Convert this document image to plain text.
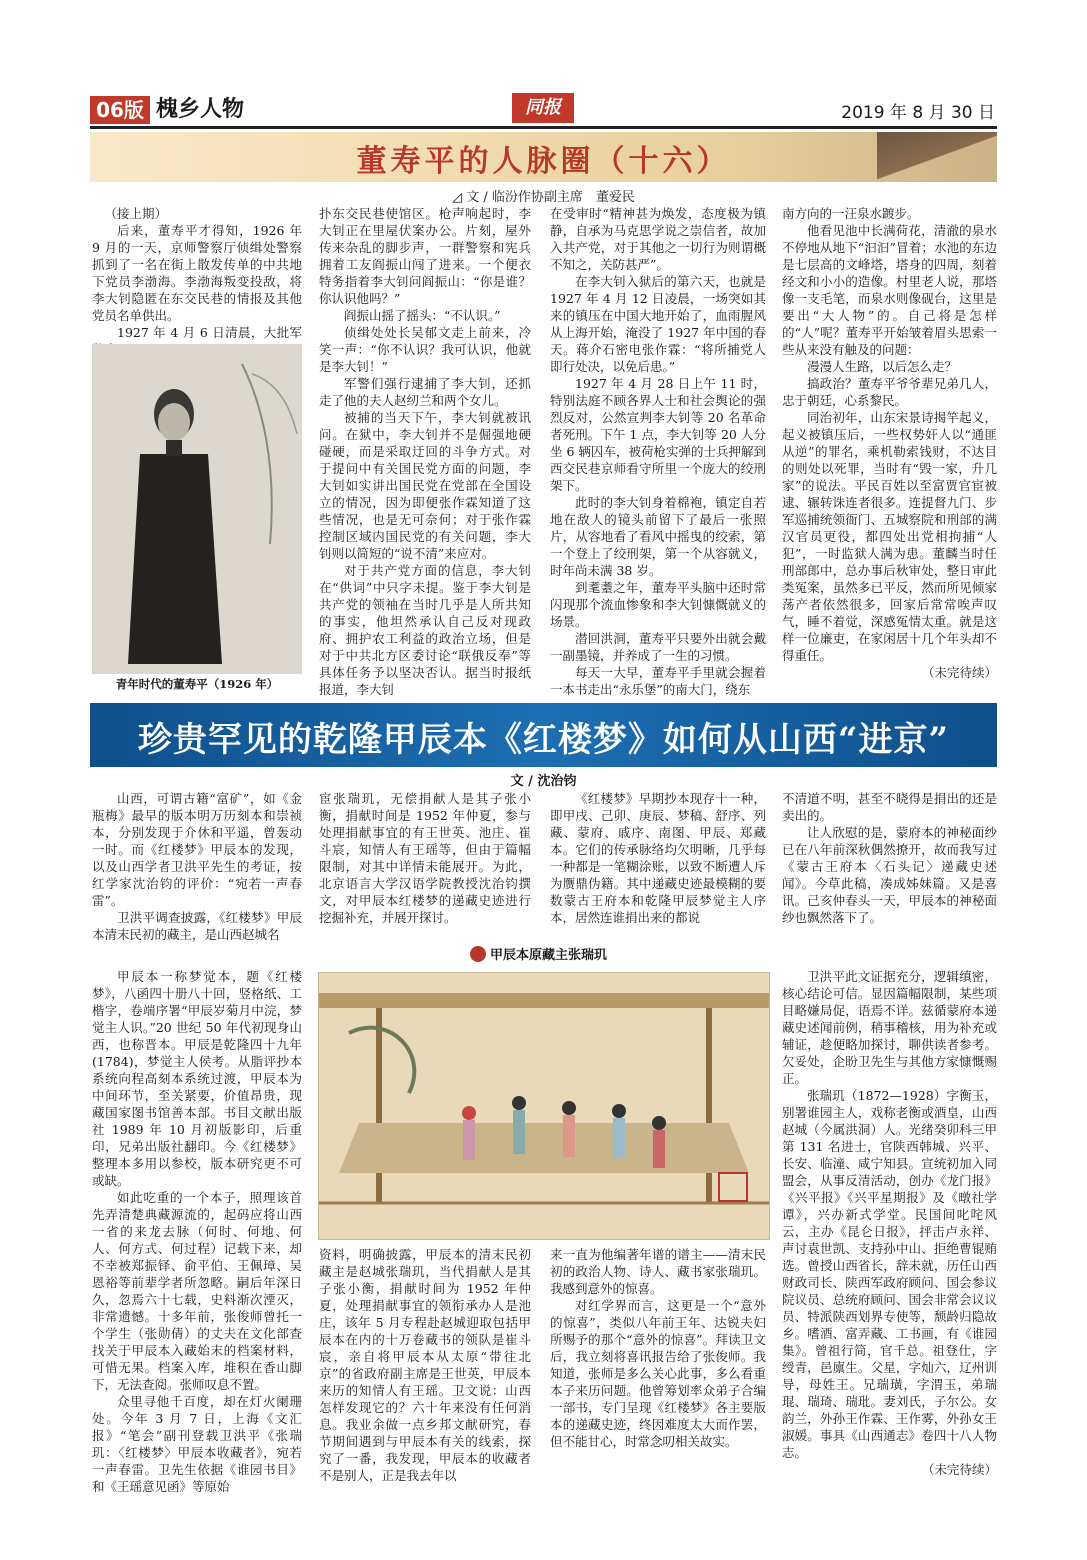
06版 槐乡人物	同报	2019 年 8 月 30 日
董寿平的人脉圈（十六）
◿ 文 / 临汾作协副主席　董爱民

（接上期）

后来，董寿平才得知，1926 年 9 月的一天，京师警察厅侦缉处警察抓到了一名在街上散发传单的中共地下党员李渤海。李渤海叛变投敌，将李大钊隐匿在东交民巷的情报及其他党员名单供出。

1927 年 4 月 6 日清晨，大批军

青年时代的董寿平（1926 年）

扑东交民巷使馆区。枪声响起时，李大钊正在里屋伏案办公。片刻，屋外传来杂乱的脚步声，一群警察和宪兵拥着工友阎振山闯了进来。一个便衣特务指着李大钊问阎振山：“你是谁？你认识他吗？”

阎振山摇了摇头：“不认识。”

侦缉处处长吴郁文走上前来，冷笑一声：“你不认识？我可认识，他就是李大钊！”

军警们强行逮捕了李大钊，还抓走了他的夫人赵纫兰和两个女儿。

被捕的当天下午，李大钊就被讯问。在狱中，李大钊并不是倔强地硬碰硬，而是采取迂回的斗争方式。对于提问中有关国民党方面的问题，李大钊如实讲出国民党在党部在全国设立的情况，因为即便张作霖知道了这些情况，也是无可奈何；对于张作霖控制区域内国民党的有关问题，李大钊则以简短的“说不清”来应对。

对于共产党方面的信息，李大钊在“供词”中只字未提。鉴于李大钊是共产党的领袖在当时几乎是人所共知的事实，他坦然承认自己反对现政府、拥护农工利益的政治立场，但是对于中共北方区委讨论“联俄反奉”等具体任务予以坚决否认。据当时报纸报道，李大钊

在受审时“精神甚为焕发，态度极为镇静，自承为马克思学说之崇信者，故加入共产党，对于其他之一切行为则谓概不知之，关防甚严”。

在李大钊入狱后的第六天，也就是 1927 年 4 月 12 日凌晨，一场突如其来的镇压在中国大地开始了，血雨腥风从上海开始，淹没了 1927 年中国的春天。蒋介石密电张作霖：“将所捕党人即行处决，以免后患。”

1927 年 4 月 28 日上午 11 时，特别法庭不顾各界人士和社会舆论的强烈反对，公然宣判李大钊等 20 名革命者死刑。下午 1 点，李大钊等 20 人分坐 6 辆囚车，被荷枪实弹的士兵押解到西交民巷京师看守所里一个庞大的绞刑架下。

此时的李大钊身着棉袍，镇定自若地在敌人的镜头前留下了最后一张照片，从容地看了看风中摇曳的绞索，第一个登上了绞刑架，第一个从容就义，时年尚未满 38 岁。

到耄耋之年，董寿平头脑中还时常闪现那个流血惨象和李大钊慷慨就义的场景。

潜回洪洞，董寿平只要外出就会戴一副墨镜，并养成了一生的习惯。

每天一大早，董寿平手里就会握着一本书走出“永乐堡”的南大门，绕东

南方向的一汪泉水踱步。

他看见池中长满荷花，清澈的泉水不停地从地下“汩汩”冒着；水池的东边是七层高的文峰塔，塔身的四周，刻着经文和小小的造像。村里老人说，那塔像一支毛笔，而泉水则像砚台，这里是要出“大人物”的。自己将是怎样的“人”呢？董寿平开始皱着眉头思索一些从来没有触及的问题：

漫漫人生路，以后怎么走？

搞政治？董寿平爷爷辈兄弟几人，忠于朝廷，心系黎民。

同治初年，山东宋景诗揭竿起义，起义被镇压后，一些权势奸人以“通匪从逆”的罪名，乘机勒索钱财，不达目的则处以死罪，当时有“毁一家，升几家”的说法。平民百姓以至富贾官宦被逮、辗转诛连者很多。连提督九门、步军巡捕统领衙门、五城察院和刑部的满汉官员更役，都四处出党相拘捕“人犯”，一时监狱人满为患。董麟当时任刑部郎中，总办事后秋审处，整日审此类冤案，虽然多已平反，然而所见倾家荡产者依然很多，回家后常常唉声叹气，睡不着觉，深感冤情太重。就是这样一位廉吏，在家闲居十几个年头却不得重任。

（未完待续）

珍贵罕见的乾隆甲辰本《红楼梦》如何从山西“进京”
文 / 沈治钧

山西，可谓古籍“富矿”，如《金瓶梅》最早的版本明万历刻本和崇祯本，分别发现于介休和平遥，曾轰动一时。而《红楼梦》甲辰本的发现，以及山西学者卫洪平先生的考证，按红学家沈治钧的评价：“宛若一声春雷”。

卫洪平调查披露，《红楼梦》甲辰本清末民初的藏主，是山西赵城名

宦张瑞玑，无偿捐献人是其子张小衡，捐献时间是 1952 年仲夏，参与处理捐献事宜的有王世英、池庄、崔斗宸，知情人有王瑶等，但由于篇幅限制，对其中详情未能展开。为此，北京语言大学汉语学院教授沈治钧撰文，对甲辰本红楼梦的递藏史迹进行挖掘补充，并展开探讨。

《红楼梦》早期抄本现存十一种，即甲戌、己卯、庚辰、梦稿、舒序、列藏、蒙府、戚序、南图、甲辰、郑藏本。它们的传承脉络均欠明晰，几乎每一种都是一笔糊涂账，以致不断遭人斥为赝鼎伪籍。其中递藏史迹最模糊的要数蒙古王府本和乾隆甲辰梦觉主人序本，居然连谁捐出来的都说

不清道不明，甚至不晓得是捐出的还是卖出的。

让人欣慰的是，蒙府本的神秘面纱已在八年前深秋偶然撩开，故而我写过《蒙古王府本〈石头记〉递藏史述闻》。今草此稿，凑成姊妹篇。又是喜讯。己亥仲春头一天，甲辰本的神秘面纱也飘然落下了。

甲辰本原藏主张瑞玑

甲辰本一称梦觉本，题《红楼梦》，八函四十册八十回，竖格纸、工楷字，卷端序署“甲辰岁菊月中浣，梦觉主人识。”20 世纪 50 年代初现身山西，也称晋本。甲辰是乾隆四十九年 (1784)，梦觉主人侯考。从脂评抄本系统向程高刻本系统过渡，甲辰本为中间环节，至关紧要，价值昂贵，现藏国家图书馆善本部。书目文献出版社 1989 年 10 月初版影印，后重印，兄弟出版社翻印。今《红楼梦》整理本多用以参校，版本研究更不可或缺。

如此吃重的一个本子，照理该首先弄清楚典藏源流的，起码应将山西一省的来龙去脉（何时、何地、何人、何方式、何过程）记载下来，却不幸被郑振铎、俞平伯、王佩璋、吴恩裕等前辈学者所忽略。嗣后年深日久，忽焉六十七载，史料渐次湮灭，非常遗憾。十多年前，张俊师曾托一个学生（张勋倩）的丈夫在文化部查找关于甲辰本入藏始末的档案材料，可惜无果。档案入库，堆积在香山脚下，无法查阅。张师叹息不置。

众里寻他千百度，却在灯火阑珊处。今年 3 月 7 日，上海《文汇报》“笔会”副刊登载卫洪平《张瑞玑：〈红楼梦〉甲辰本收藏者》，宛若一声春雷。卫先生依据《谁园书目》和《王瑶意见函》等原始

资料，明确披露，甲辰本的清末民初藏主是赵城张瑞玑，当代捐献人是其子张小衡，捐献时间为 1952 年仲夏，处理捐献事宜的领衔承办人是池庄，该年 5 月专程赴赵城迎取包括甲辰本在内的十万卷藏书的领队是崔斗宸，亲自将甲辰本从太原“带往北京”的省政府副主席是王世英，甲辰本来历的知情人有王瑶。卫文说：山西怎样发现它的？六十年来没有任何消息。我业余做一点乡邦文献研究，春节期间遇到与甲辰本有关的线索，探究了一番，我发现，甲辰本的收藏者不是别人，正是我去年以

来一直为他编著年谱的谱主——清末民初的政治人物、诗人、藏书家张瑞玑。我感到意外的惊喜。

对红学界而言，这更是一个“意外的惊喜”，类似八年前王年、达锐夫妇所赐予的那个“意外的惊喜”。拜读卫文后，我立刻将喜讯报告给了张俊师。我知道，张师是多么关心此事，多么看重本子来历问题。他曾筹划率众弟子合编一部书，专门呈现《红楼梦》各主要版本的递藏史迹，终因难度太大而作罢，但不能甘心，时常念叨相关故实。

卫洪平此文证据充分，逻辑缜密，核心结论可信。显因篇幅限制，某些项目略嫌局促，语焉不详。兹循蒙府本递藏史述闻前例，稍事稽核，用为补充或辅证，趁便略加探讨，聊供读者参考。欠妥处，企盼卫先生与其他方家慷慨赐正。

张瑞玑（1872—1928）字衡玉，别署谁园主人，戏称老衡或酒皇，山西赵城（今属洪洞）人。光绪癸卯科三甲第 131 名进士，官陕西韩城、兴平、长安、临潼、咸宁知县。宣统初加入同盟会，从事反清活动，创办《龙门报》《兴平报》《兴平星期报》及《暾社学谭》，兴办新式学堂。民国间叱咤风云，主办《昆仑日报》，抨击卢永祥、声讨袁世凯、支持孙中山、拒绝曹锟贿选。曾授山西省长，辞未就，历任山西财政司长、陕西军政府顾问、国会参议院议员、总统府顾问、国会非常会议议员、特派陕西划界专使等，颓龄归隐故乡。嗜酒、富弄藏、工书画，有《谁园集》。曾祖行简，官千总。祖登仕，字绶青，邑廪生。父星，字灿六，辽州训导，母姓王。兄瑞璜，字渭玉，弟瑞琨、瑞琦、瑞玭。妻刘氏，子尔公。女韵兰，外孙王作霖、王作雾，外孙女王淑媛。事具《山西通志》卷四十八人物志。

（未完待续）
